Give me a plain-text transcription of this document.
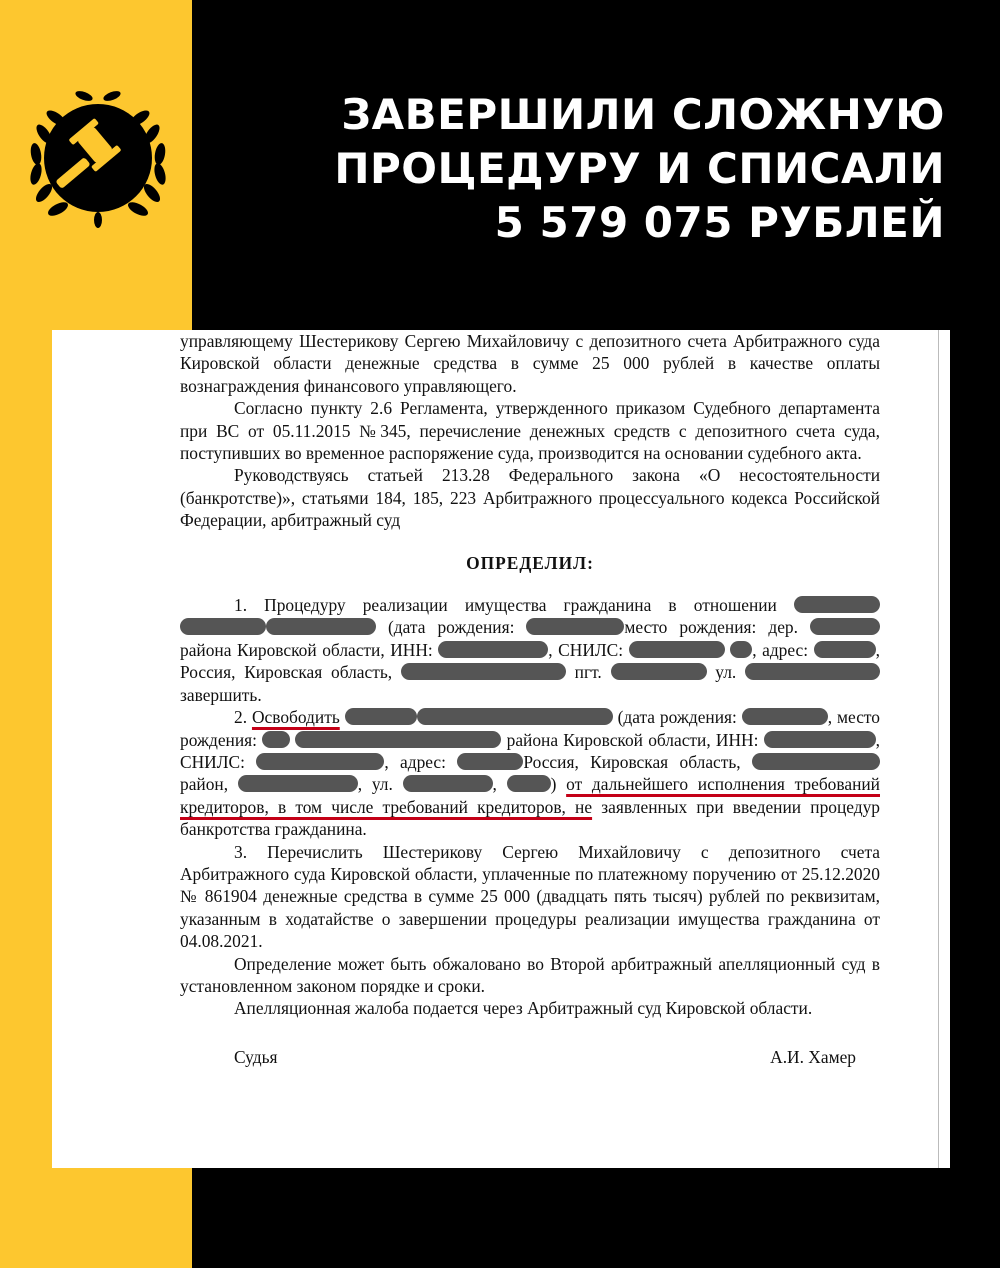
ЗАВЕРШИЛИ СЛОЖНУЮ
ПРОЦЕДУРУ И СПИСАЛИ
5 579 075 РУБЛЕЙ

управляющему Шестерикову Сергею Михайловичу с депозитного счета Арбитражного суда Кировской области денежные средства в сумме 25 000 рублей в качестве оплаты вознаграждения финансового управляющего.

Согласно пункту 2.6 Регламента, утвержденного приказом Судебного департамента при ВС от 05.11.2015 №345, перечисление денежных средств с депозитного счета суда, поступивших во временное распоряжение суда, производится на основании судебного акта.

Руководствуясь статьей 213.28 Федерального закона «О несостоятельности (банкротстве)», статьями 184, 185, 223 Арбитражного процессуального кодекса Российской Федерации, арбитражный суд

ОПРЕДЕЛИЛ:

1. Процедуру реализации имущества гражданина в отношении   (дата рождения:	место рождения: дер. района Кировской области, ИНН:	, СНИЛС:	, адрес:	, Россия, Кировская область,	пгт.	ул. завершить.

2. Освободить	(дата рождения:	, место рождения:	района Кировской области, ИНН:	, СНИЛС:	, адрес:	Россия, Кировская область, район,	, ул.	,	) от дальнейшего исполнения требований кредиторов, в том числе требований кредиторов, не заявленных при введении процедур банкротства гражданина.

3. Перечислить Шестерикову Сергею Михайловичу с депозитного счета Арбитражного суда Кировской области, уплаченные по платежному поручению от 25.12.2020 № 861904 денежные средства в сумме 25 000 (двадцать пять тысяч) рублей по реквизитам, указанным в ходатайстве о завершении процедуры реализации имущества гражданина от 04.08.2021.

Определение может быть обжаловано во Второй арбитражный апелляционный суд в установленном законом порядке и сроки.

Апелляционная жалоба подается через Арбитражный суд Кировской области.

Судья	А.И. Хамер
